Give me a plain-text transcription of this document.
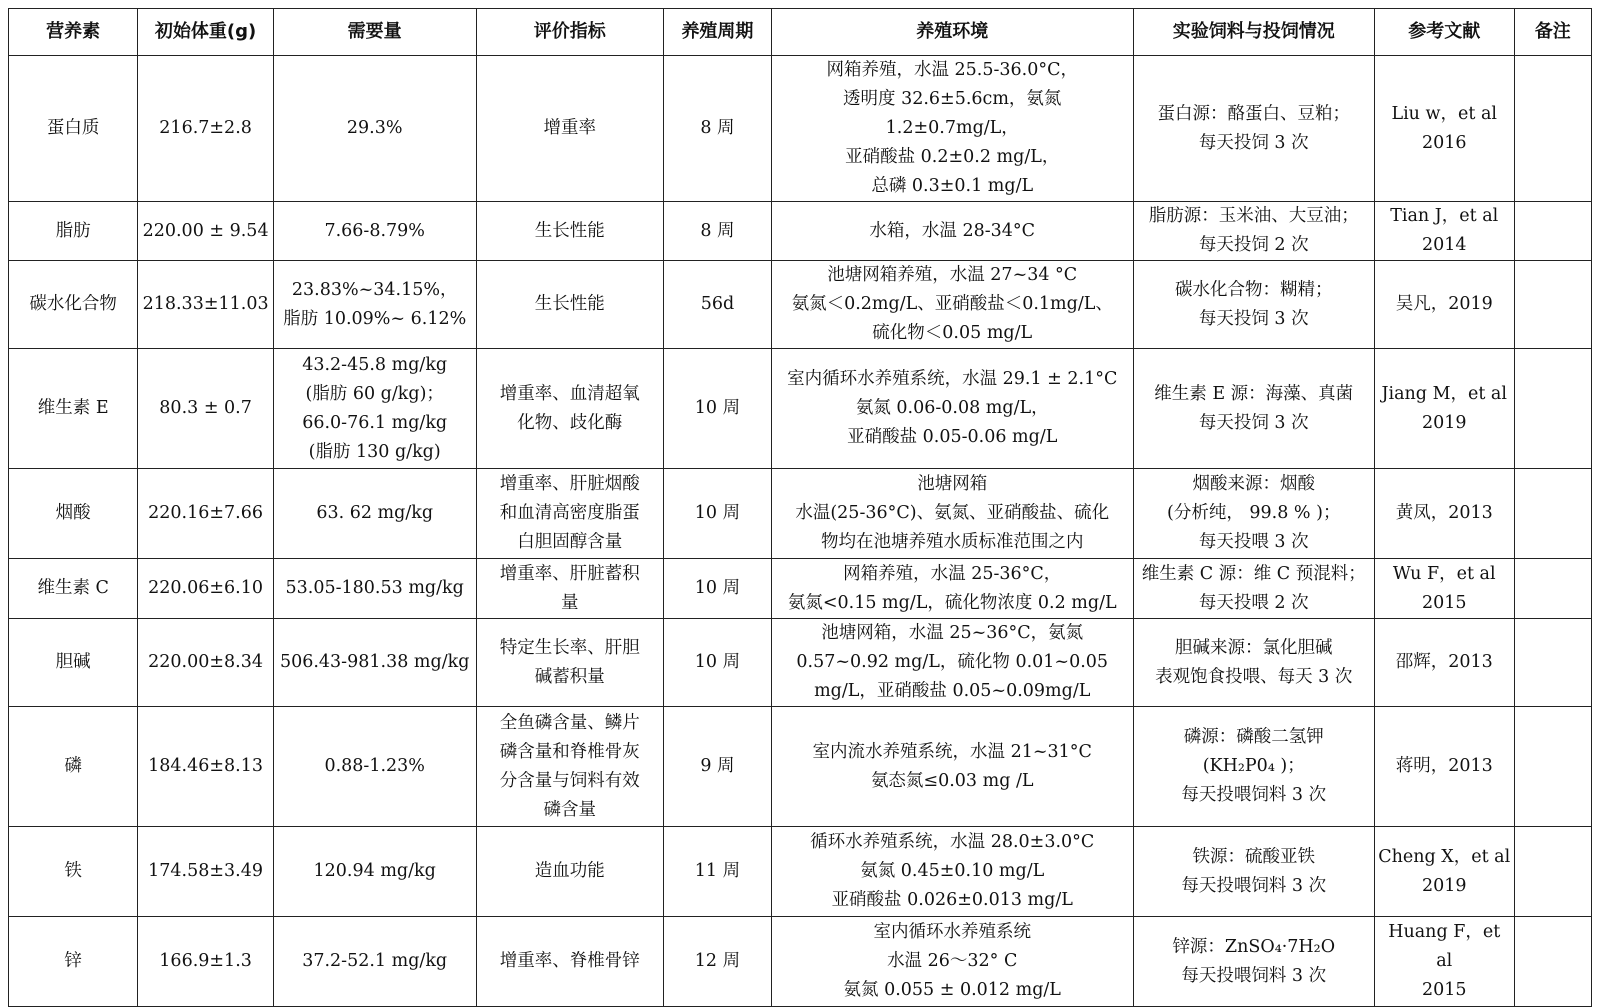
营养素	初始体重(g)	需要量	评价指标	养殖周期	养殖环境	实验饲料与投饲情况	参考文献	备注

蛋白质	216.7±2.8	29.3%	增重率	8 周	网箱养殖，水温 25.5-36.0°C，
透明度 32.6±5.6cm，氨氮 1.2±0.7mg/L，
亚硝酸盐 0.2±0.2 mg/L，
总磷 0.3±0.1 mg/L	蛋白源：酪蛋白、豆粕；
每天投饲 3 次	Liu w，et al
2016	

脂肪	220.00 ± 9.54	7.66-8.79%	生长性能	8 周	水箱，水温 28-34°C	脂肪源：玉米油、大豆油；
每天投饲 2 次	Tian J，et al
2014	

碳水化合物	218.33±11.03	23.83%~34.15%，
脂肪 10.09%~ 6.12%	生长性能	56d	池塘网箱养殖，水温 27~34 °C
氨氮＜0.2mg/L、亚硝酸盐＜0.1mg/L、
硫化物＜0.05 mg/L	碳水化合物：糊精；
每天投饲 3 次	吴凡，2019	

维生素 E	80.3 ± 0.7	43.2-45.8 mg/kg
(脂肪 60 g/kg)；
66.0-76.1 mg/kg
(脂肪 130 g/kg)	增重率、血清超氧
化物、歧化酶	10 周	室内循环水养殖系统，水温 29.1 ± 2.1°C
氨氮 0.06-0.08 mg/L，
亚硝酸盐 0.05-0.06 mg/L	维生素 E 源：海藻、真菌
每天投饲 3 次	Jiang M，et al
2019	

烟酸	220.16±7.66	63. 62 mg/kg	增重率、肝脏烟酸
和血清高密度脂蛋
白胆固醇含量	10 周	池塘网箱
水温(25-36°C)、氨氮、亚硝酸盐、硫化
物均在池塘养殖水质标准范围之内	烟酸来源：烟酸
(分析纯， 99.8 % )；
每天投喂 3 次	黄凤，2013	

维生素 C	220.06±6.10	53.05-180.53 mg/kg	增重率、肝脏蓄积
量	10 周	网箱养殖，水温 25-36°C，
氨氮<0.15 mg/L，硫化物浓度 0.2 mg/L	维生素 C 源：维 C 预混料；
每天投喂 2 次	Wu F，et al
2015	

胆碱	220.00±8.34	506.43-981.38 mg/kg	特定生长率、肝胆
碱蓄积量	10 周	池塘网箱，水温 25~36°C，氨氮
0.57~0.92 mg/L，硫化物 0.01~0.05
mg/L，亚硝酸盐 0.05~0.09mg/L	胆碱来源：氯化胆碱
表观饱食投喂、每天 3 次	邵辉，2013	

磷	184.46±8.13	0.88-1.23%	全鱼磷含量、鳞片
磷含量和脊椎骨灰
分含量与饲料有效
磷含量	9 周	室内流水养殖系统，水温 21~31°C
氨态氮≤0.03 mg /L	磷源：磷酸二氢钾
(KH₂P0₄ )；
每天投喂饲料 3 次	蒋明，2013	

铁	174.58±3.49	120.94 mg/kg	造血功能	11 周	循环水养殖系统，水温 28.0±3.0°C
氨氮 0.45±0.10 mg/L
亚硝酸盐 0.026±0.013 mg/L	铁源：硫酸亚铁
每天投喂饲料 3 次	Cheng X，et al
2019	

锌	166.9±1.3	37.2-52.1 mg/kg	增重率、脊椎骨锌	12 周	室内循环水养殖系统
水温 26～32° C
氨氮 0.055 ± 0.012 mg/L	锌源：ZnSO₄·7H₂O
每天投喂饲料 3 次	Huang F，et al
2015	
